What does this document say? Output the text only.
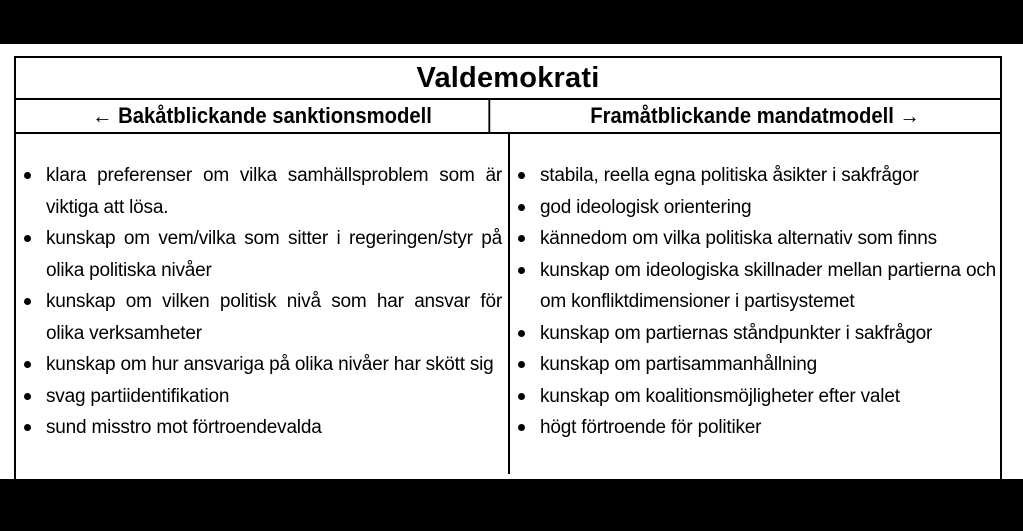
Valdemokrati
← Bakåtblickande sanktionsmodell	Framåtblickande mandatmodell →
klara preferenser om vilka samhällsproblem som är viktiga att lösa.
kunskap om vem/vilka som sitter i regeringen/styr på olika politiska nivåer
kunskap om vilken politisk nivå som har ansvar för olika verksamheter
kunskap om hur ansvariga på olika nivåer har skött sig
svag partiidentifikation
sund misstro mot förtroendevalda
stabila, reella egna politiska åsikter i sakfrågor
god ideologisk orientering
kännedom om vilka politiska alternativ som finns
kunskap om ideologiska skillnader mellan partierna och om konfliktdimensioner i partisystemet
kunskap om partiernas ståndpunkter i sakfrågor
kunskap om partisammanhållning
kunskap om koalitionsmöjligheter efter valet
högt förtroende för politiker
